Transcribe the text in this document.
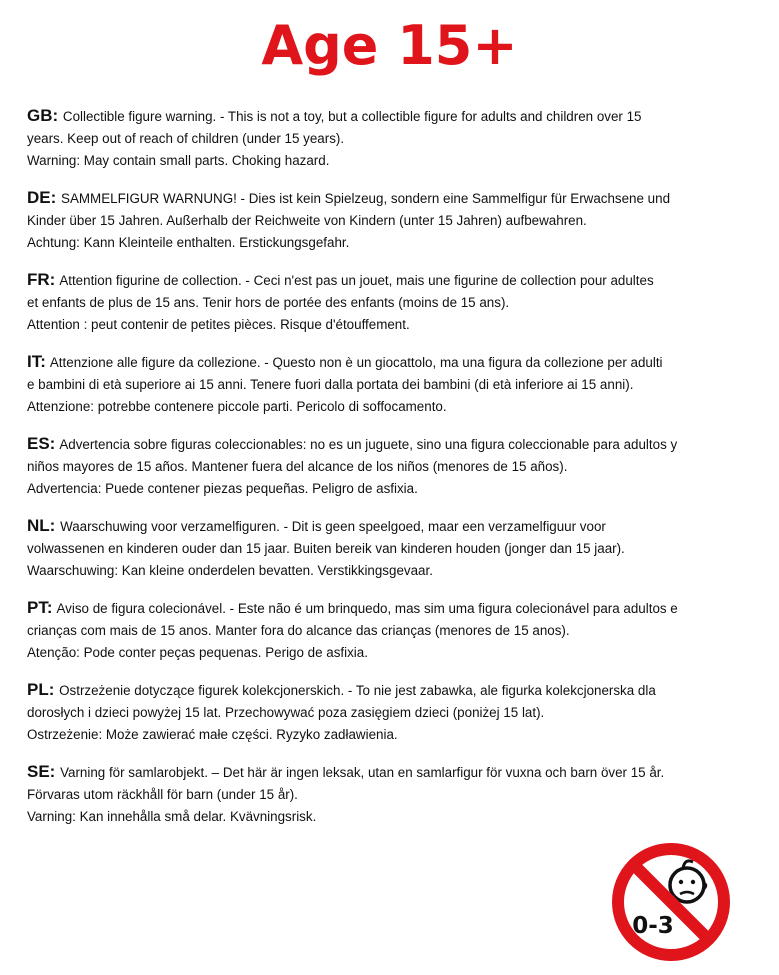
Age 15+
GB: Collectible figure warning. - This is not a toy, but a collectible figure for adults and children over 15
years. Keep out of reach of children (under 15 years).
Warning: May contain small parts. Choking hazard.
DE: SAMMELFIGUR WARNUNG! - Dies ist kein Spielzeug, sondern eine Sammelfigur für Erwachsene und
Kinder über 15 Jahren. Außerhalb der Reichweite von Kindern (unter 15 Jahren) aufbewahren.
Achtung: Kann Kleinteile enthalten. Erstickungsgefahr.
FR: Attention figurine de collection. - Ceci n'est pas un jouet, mais une figurine de collection pour adultes
et enfants de plus de 15 ans. Tenir hors de portée des enfants (moins de 15 ans).
Attention : peut contenir de petites pièces. Risque d'étouffement.
IT: Attenzione alle figure da collezione. - Questo non è un giocattolo, ma una figura da collezione per adulti
e bambini di età superiore ai 15 anni. Tenere fuori dalla portata dei bambini (di età inferiore ai 15 anni).
Attenzione: potrebbe contenere piccole parti. Pericolo di soffocamento.
ES: Advertencia sobre figuras coleccionables: no es un juguete, sino una figura coleccionable para adultos y
niños mayores de 15 años. Mantener fuera del alcance de los niños (menores de 15 años).
Advertencia: Puede contener piezas pequeñas. Peligro de asfixia.
NL: Waarschuwing voor verzamelfiguren. - Dit is geen speelgoed, maar een verzamelfiguur voor
volwassenen en kinderen ouder dan 15 jaar. Buiten bereik van kinderen houden (jonger dan 15 jaar).
Waarschuwing: Kan kleine onderdelen bevatten. Verstikkingsgevaar.
PT: Aviso de figura colecionável. - Este não é um brinquedo, mas sim uma figura colecionável para adultos e
crianças com mais de 15 anos. Manter fora do alcance das crianças (menores de 15 anos).
Atenção: Pode conter peças pequenas. Perigo de asfixia.
PL: Ostrzeżenie dotyczące figurek kolekcjonerskich. - To nie jest zabawka, ale figurka kolekcjonerska dla
dorosłych i dzieci powyżej 15 lat. Przechowywać poza zasięgiem dzieci (poniżej 15 lat).
Ostrzeżenie: Może zawierać małe części. Ryzyko zadławienia.
SE: Varning för samlarobjekt. – Det här är ingen leksak, utan en samlarfigur för vuxna och barn över 15 år.
Förvaras utom räckhåll för barn (under 15 år).
Varning: Kan innehålla små delar. Kvävningsrisk.
0-3
